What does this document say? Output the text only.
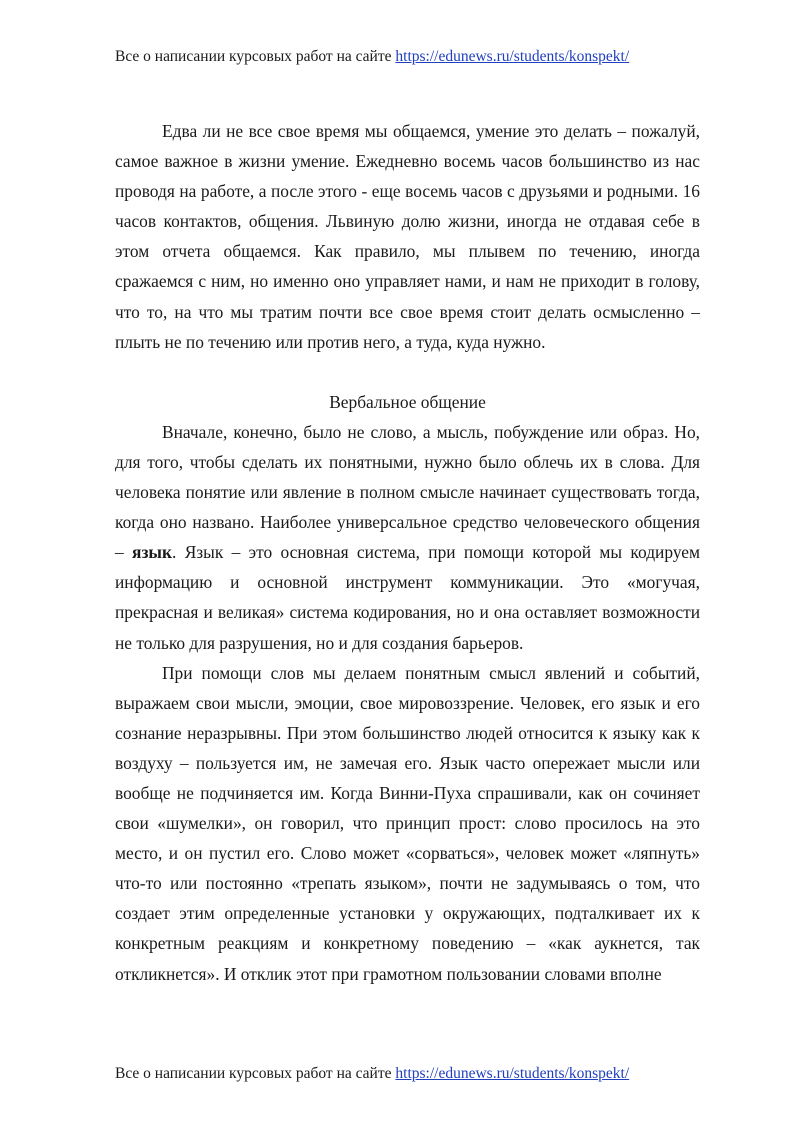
Все о написании курсовых работ на сайте https://edunews.ru/students/konspekt/

Едва ли не все свое время мы общаемся, умение это делать – пожалуй, самое важное в жизни умение. Ежедневно восемь часов большинство из нас проводя на работе, а после этого - еще восемь часов с друзьями и родными. 16 часов контактов, общения. Львиную долю жизни, иногда не отдавая себе в этом отчета общаемся. Как правило, мы плывем по течению, иногда сражаемся с ним, но именно оно управляет нами, и нам не приходит в голову, что то, на что мы тратим почти все свое время стоит делать осмысленно – плыть не по течению или против него, а туда, куда нужно.

Вербальное общение

Вначале, конечно, было не слово, а мысль, побуждение или образ. Но, для того, чтобы сделать их понятными, нужно было облечь их в слова. Для человека понятие или явление в полном смысле начинает существовать тогда, когда оно названо. Наиболее универсальное средство человеческого общения – язык. Язык – это основная система, при помощи которой мы кодируем информацию и основной инструмент коммуникации. Это «могучая, прекрасная и великая» система кодирования, но и она оставляет возможности не только для разрушения, но и для создания барьеров.

При помощи слов мы делаем понятным смысл явлений и событий, выражаем свои мысли, эмоции, свое мировоззрение. Человек, его язык и его сознание неразрывны. При этом большинство людей относится к языку как к воздуху – пользуется им, не замечая его. Язык часто опережает мысли или вообще не подчиняется им. Когда Винни-Пуха спрашивали, как он сочиняет свои «шумелки», он говорил, что принцип прост: слово просилось на это место, и он пустил его. Слово может «сорваться», человек может «ляпнуть» что-то или постоянно «трепать языком», почти не задумываясь о том, что создает этим определенные установки у окружающих, подталкивает их к конкретным реакциям и конкретному поведению – «как аукнется, так откликнется». И отклик этот при грамотном пользовании словами вполне

Все о написании курсовых работ на сайте https://edunews.ru/students/konspekt/
